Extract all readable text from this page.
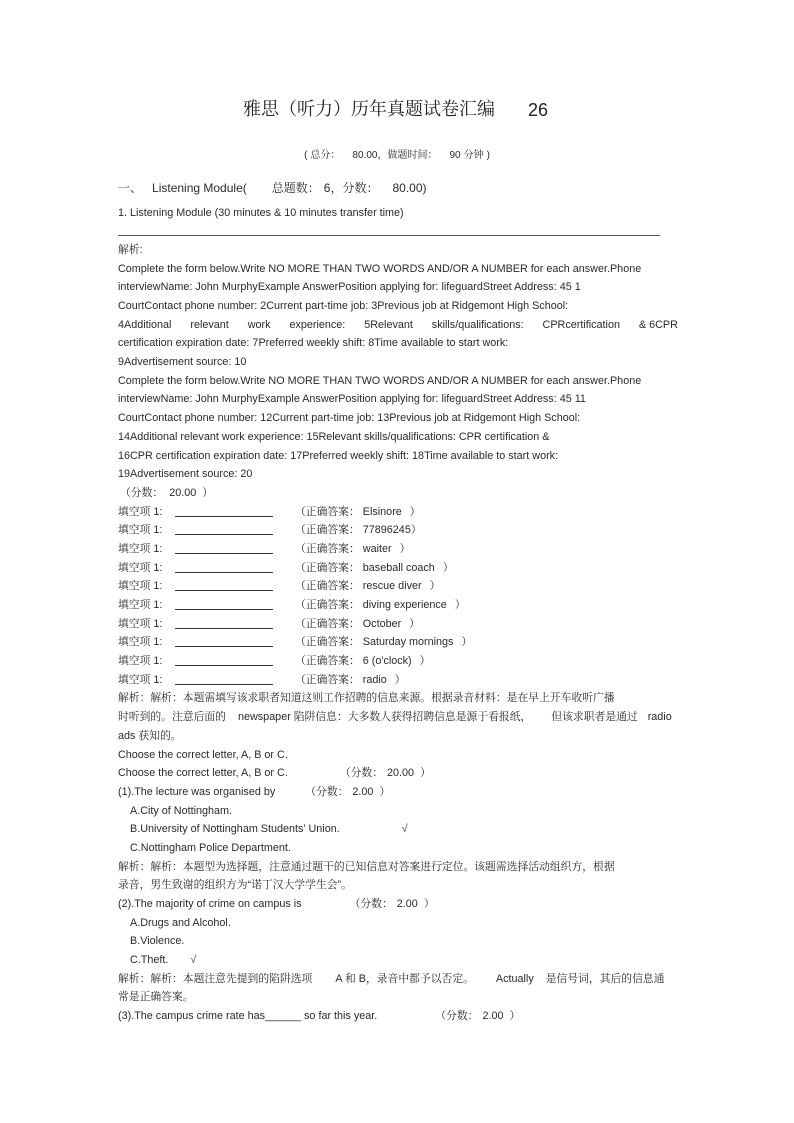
雅思（听力）历年真题试卷汇编 26
( 总分： 80.00 ，做题时间： 90 分钟 )
一、 Listening Module( 总题数： 6 ，分数： 80.00 )
1. Listening Module (30 minutes & 10 minutes transfer time)
解析:
Complete the form below.Write NO MORE THAN TWO WORDS AND/OR A NUMBER for each answer.Phone
interviewName: John MurphyExample AnswerPosition applying for: lifeguardStreet Address: 45 1
CourtContact phone number: 2Current part-time job: 3Previous job at Ridgemont High School:
4Additional relevant work experience: 5Relevant skills/qualifications: CPRcertification & 6CPR
certification expiration date: 7Preferred weekly shift: 8Time available to start work:
9Advertisement source: 10
Complete the form below.Write NO MORE THAN TWO WORDS AND/OR A NUMBER for each answer.Phone
interviewName: John MurphyExample AnswerPosition applying for: lifeguardStreet Address: 45 11
CourtContact phone number: 12Current part-time job: 13Previous job at Ridgemont High School:
14Additional relevant work experience: 15Relevant skills/qualifications: CPR certification &
16CPR certification expiration date: 17Preferred weekly shift: 18Time available to start work:
19Advertisement source: 20
（分数： 20.00 ）
填空项 1:	（正确答案： Elsinore ）
填空项 1:	（正确答案： 77896245 ）
填空项 1:	（正确答案： waiter ）
填空项 1:	（正确答案： baseball coach ）
填空项 1:	（正确答案： rescue diver ）
填空项 1:	（正确答案： diving experience ）
填空项 1:	（正确答案： October ）
填空项 1:	（正确答案： Saturday mornings ）
填空项 1:	（正确答案： 6 (o'clock) ）
填空项 1:	（正确答案： radio ）
解析：解析：本题需填写该求职者知道这则工作招聘的信息来源。根据录音材料：是在早上开车收听广播
时听到的。注意后面的 newspaper 陷阱信息：大多数人获得招聘信息是源于看报纸， 但该求职者是通过 radio
ads 获知的。
Choose the correct letter, A, B or C.
Choose the correct letter, A, B or C.	（分数： 20.00 ）
(1).The lecture was organised by	（分数： 2.00 ）
A.City of Nottingham.
B.University of Nottingham Students' Union.	√
C.Nottingham Police Department.
解析：解析：本题型为选择题，注意通过题干的已知信息对答案进行定位。该题需选择活动组织方，根据
录音，男生致谢的组织方为“诺丁汉大学学生会”。
(2).The majority of crime on campus is	（分数： 2.00 ）
A.Drugs and Alcohol.
B.Violence.
C.Theft. √
解析：解析：本题注意先提到的陷阱选项 A 和 B，录音中都予以否定。 Actually 是信号词，其后的信息通
常是正确答案。
(3).The campus crime rate has______ so far this year.	（分数： 2.00 ）
